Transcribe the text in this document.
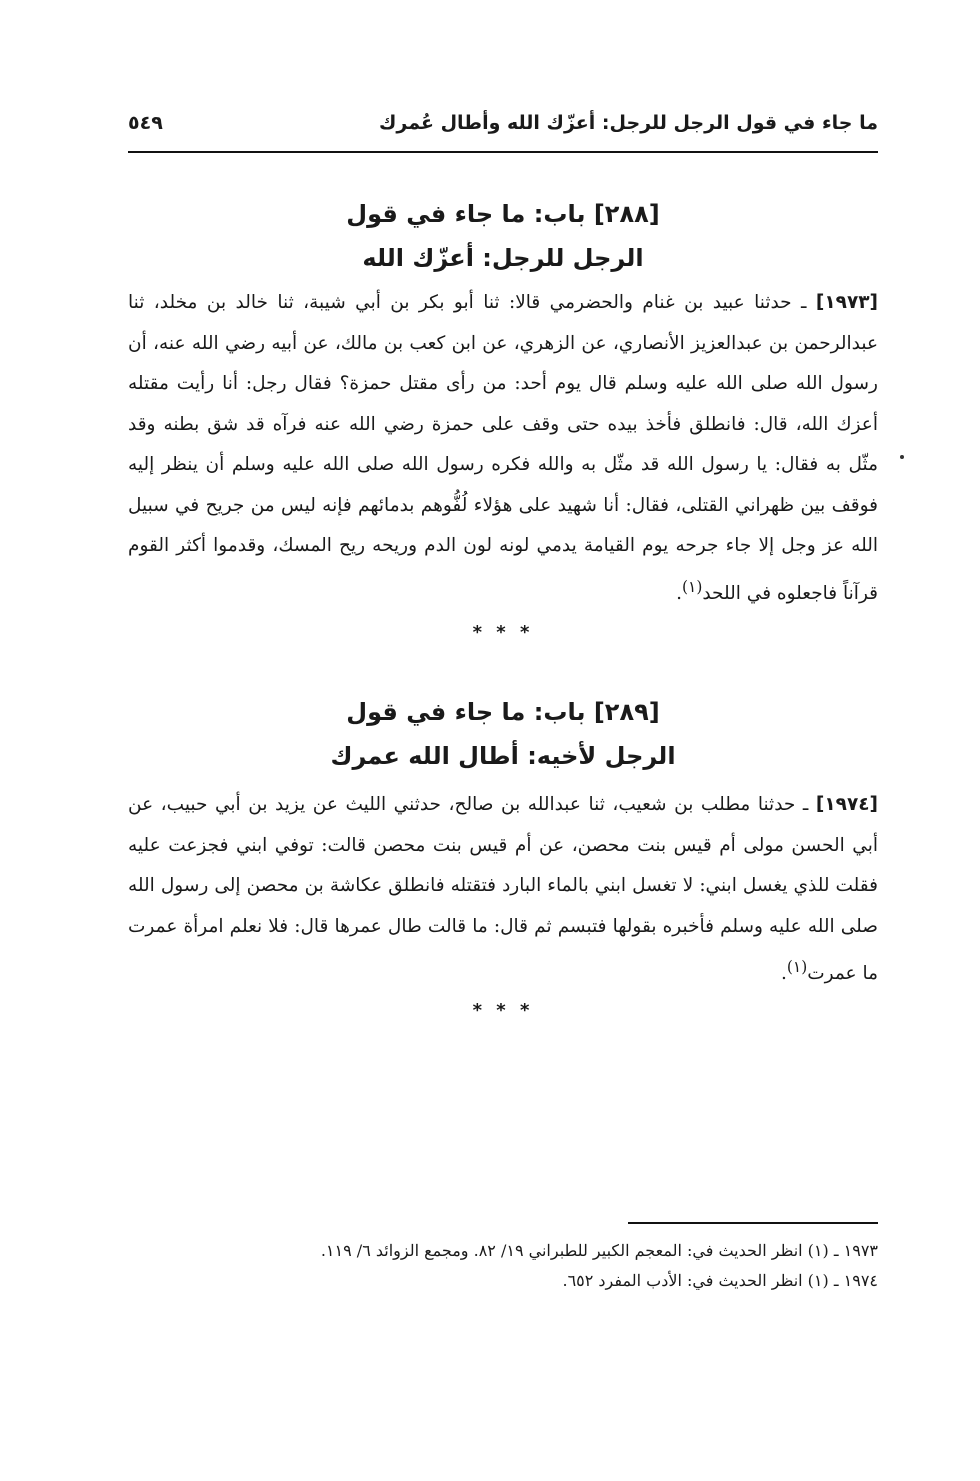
ما جاء في قول الرجل للرجل: أعزّك الله وأطال عُمرك
٥٤٩
[٢٨٨] باب: ما جاء في قول
الرجل للرجل: أعزّك الله
[١٩٧٣] ـ حدثنا عبيد بن غنام والحضرمي قالا: ثنا أبو بكر بن أبي شيبة، ثنا خالد بن مخلد، ثنا عبدالرحمن بن عبدالعزيز الأنصاري، عن الزهري، عن ابن كعب بن مالك، عن أبيه رضي الله عنه، أن رسول الله صلى الله عليه وسلم قال يوم أحد: من رأى مقتل حمزة؟ فقال رجل: أنا رأيت مقتله أعزك الله، قال: فانطلق فأخذ بيده حتى وقف على حمزة رضي الله عنه فرآه قد شق بطنه وقد مثّل به فقال: يا رسول الله قد مثّل به والله فكره رسول الله صلى الله عليه وسلم أن ينظر إليه فوقف بين ظهراني القتلى، فقال: أنا شهيد على هؤلاء لُفُّوهم بدمائهم فإنه ليس من جريح في سبيل الله عز وجل إلا جاء جرحه يوم القيامة يدمي لونه لون الدم وريحه ريح المسك، وقدموا أكثر القوم قرآناً فاجعلوه في اللحد$^{(١)}$.
* * *
[٢٨٩] باب: ما جاء في قول
الرجل لأخيه: أطال الله عمرك
[١٩٧٤] ـ حدثنا مطلب بن شعيب، ثنا عبدالله بن صالح، حدثني الليث عن يزيد بن أبي حبيب، عن أبي الحسن مولى أم قيس بنت محصن، عن أم قيس بنت محصن قالت: توفي ابني فجزعت عليه فقلت للذي يغسل ابني: لا تغسل ابني بالماء البارد فتقتله فانطلق عكاشة بن محصن إلى رسول الله صلى الله عليه وسلم فأخبره بقولها فتبسم ثم قال: ما قالت طال عمرها قال: فلا نعلم امرأة عمرت ما عمرت$^{(١)}$.
* * *
١٩٧٣ ـ (١) انظر الحديث في: المعجم الكبير للطبراني ١٩/ ٨٢. ومجمع الزوائد ٦/ ١١٩.
١٩٧٤ ـ (١) انظر الحديث في: الأدب المفرد ٦٥٢.
